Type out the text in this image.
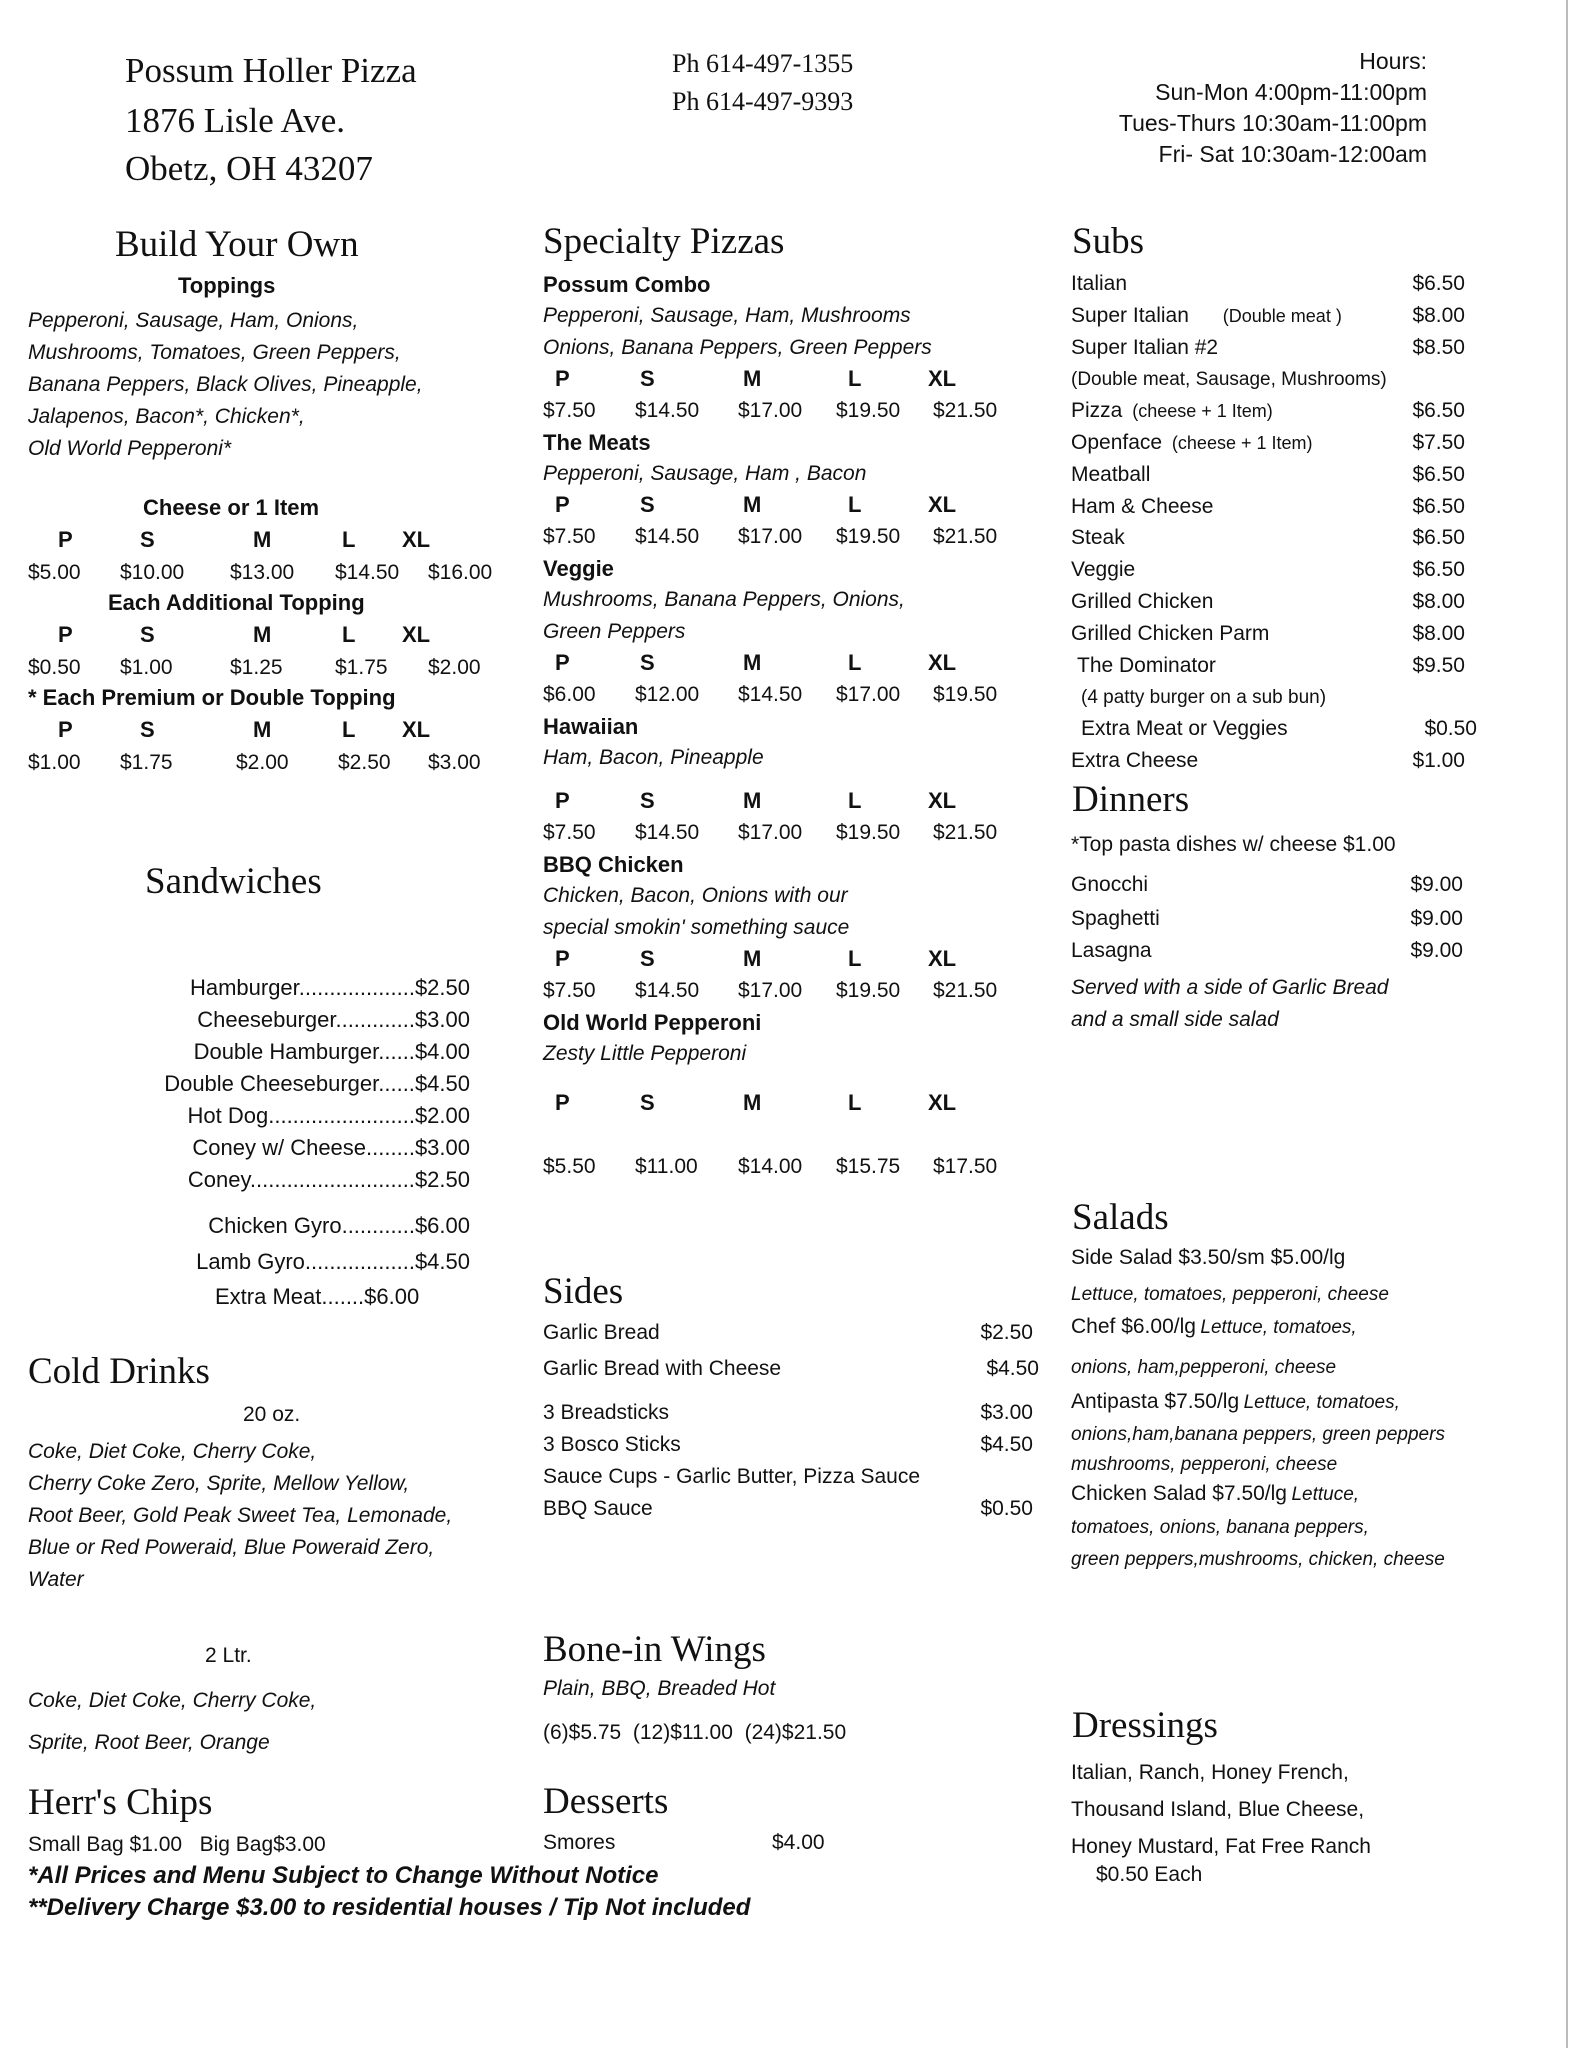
Possum Holler Pizza
1876 Lisle Ave.
Obetz, OH 43207
Ph 614-497-1355
Ph 614-497-9393
Hours:
Sun-Mon 4:00pm-11:00pm
Tues-Thurs 10:30am-11:00pm
Fri- Sat 10:30am-12:00am
Build Your Own
Toppings
Pepperoni, Sausage, Ham, Onions,
Mushrooms, Tomatoes, Green Peppers,
Banana Peppers, Black Olives, Pineapple,
Jalapenos, Bacon*, Chicken*,
Old World Pepperoni*
Cheese or 1 Item
P	S	M	L XL
$5.00 $10.00 $13.00 $14.50 $16.00
Each Additional Topping
P	S	M	L XL
$0.50 $1.00	$1.25 $1.75 $2.00
* Each Premium or Double Topping
P	S	M	L XL
$1.00 $1.75	$2.00 $2.50 $3.00
Sandwiches
Hamburger...................$2.50
Cheeseburger.............$3.00
Double Hamburger......$4.00
Double Cheeseburger......$4.50
Hot Dog........................$2.00
Coney w/ Cheese........$3.00
Coney...........................$2.50
Chicken Gyro............$6.00
Lamb Gyro..................$4.50
Extra Meat.......$6.00
Cold Drinks
20 oz.
Coke, Diet Coke, Cherry Coke,
Cherry Coke Zero, Sprite, Mellow Yellow,
Root Beer, Gold Peak Sweet Tea, Lemonade,
Blue or Red Poweraid, Blue Poweraid Zero,
Water
2 Ltr.
Coke, Diet Coke, Cherry Coke,
Sprite, Root Beer, Orange
Herr's Chips
Small Bag $1.00   Big Bag$3.00
*All Prices and Menu Subject to Change Without Notice
**Delivery Charge $3.00 to residential houses / Tip Not included
Specialty Pizzas
Possum Combo
Pepperoni, Sausage, Ham, Mushrooms
Onions, Banana Peppers, Green Peppers
P	S	M	L	XL
$7.50 $14.50 $17.00 $19.50 $21.50
The Meats
Pepperoni, Sausage, Ham , Bacon
P	S	M	L	XL
$7.50 $14.50 $17.00 $19.50 $21.50
Veggie
Mushrooms, Banana Peppers, Onions,
Green Peppers
P	S	M	L	XL
$6.00 $12.00 $14.50 $17.00 $19.50
Hawaiian
Ham, Bacon, Pineapple
P	S	M	L	XL
$7.50 $14.50 $17.00 $19.50 $21.50
BBQ Chicken
Chicken, Bacon, Onions with our
special smokin' something sauce
P	S	M	L	XL
$7.50 $14.50 $17.00 $19.50 $21.50
Old World Pepperoni
Zesty Little Pepperoni
P	S	M	L	XL
$5.50 $11.00 $14.00 $15.75 $17.50
Sides
Garlic Bread	$2.50
Garlic Bread with Cheese	$4.50
3 Breadsticks	$3.00
3 Bosco Sticks	$4.50
Sauce Cups - Garlic Butter, Pizza Sauce
BBQ Sauce	$0.50
Bone-in Wings
Plain, BBQ, Breaded Hot
(6)$5.75  (12)$11.00  (24)$21.50
Desserts
Smores	$4.00
Subs
Italian	$6.50
Super Italian (Double meat )	$8.00
Super Italian #2	$8.50
(Double meat, Sausage, Mushrooms)
Pizza (cheese + 1 Item)	$6.50
Openface (cheese + 1 Item)	$7.50
Meatball	$6.50
Ham & Cheese	$6.50
Steak	$6.50
Veggie	$6.50
Grilled Chicken	$8.00
Grilled Chicken Parm	$8.00
The Dominator	$9.50
(4 patty burger on a sub bun)
Extra Meat or Veggies	$0.50
Extra Cheese	$1.00
Dinners
*Top pasta dishes w/ cheese $1.00
Gnocchi	$9.00
Spaghetti	$9.00
Lasagna	$9.00
Served with a side of Garlic Bread
and a small side salad
Salads
Side Salad $3.50/sm $5.00/lg
Lettuce, tomatoes, pepperoni, cheese
Chef $6.00/lg Lettuce, tomatoes,
onions, ham,pepperoni, cheese
Antipasta $7.50/lg Lettuce, tomatoes,
onions,ham,banana peppers, green peppers
mushrooms, pepperoni, cheese
Chicken Salad $7.50/lg Lettuce,
tomatoes, onions, banana peppers,
green peppers,mushrooms, chicken, cheese
Dressings
Italian, Ranch, Honey French,
Thousand Island, Blue Cheese,
Honey Mustard, Fat Free Ranch
$0.50 Each
